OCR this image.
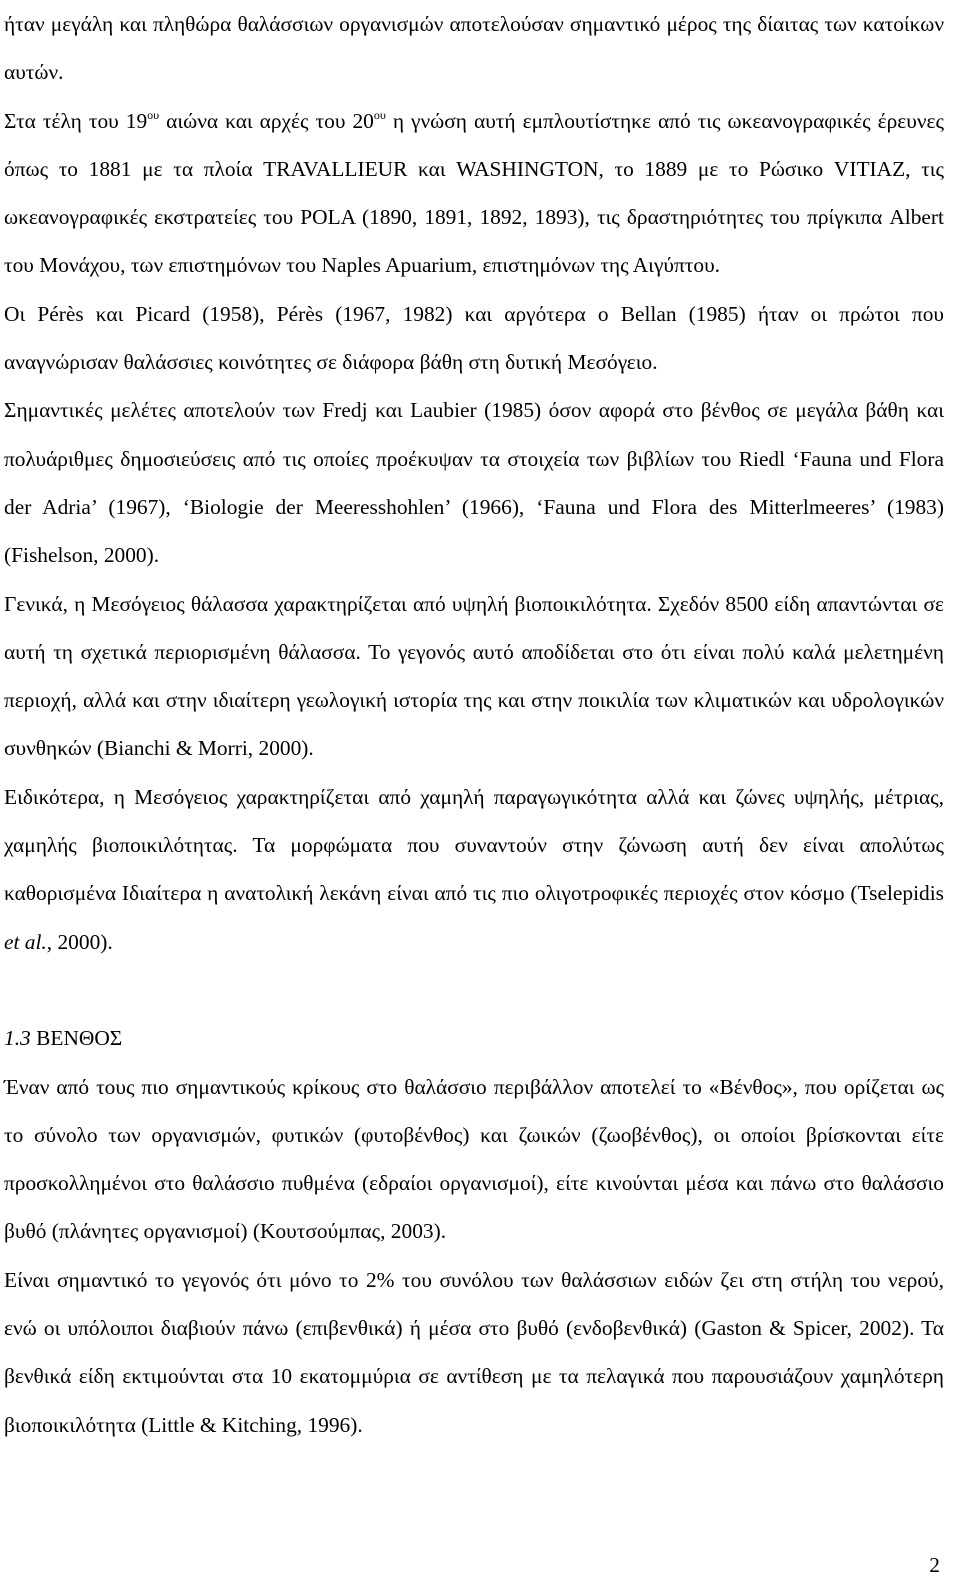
ήταν μεγάλη και πληθώρα θαλάσσιων οργανισμών αποτελούσαν σημαντικό μέρος της δίαιτας των κατοίκων αυτών.

Στα τέλη του $19^{o\upsilon}$ αιώνα και αρχές του $20^{o\upsilon}$ η γνώση αυτή εμπλουτίστηκε από τις ωκεανογραφικές έρευνες όπως το 1881 με τα πλοία TRAVALLIEUR και WASHINGTON, το 1889 με το Ρώσικο VITIAZ, τις ωκεανογραφικές εκστρατείες του POLA (1890, 1891, 1892, 1893), τις δραστηριότητες του πρίγκιπα Albert του Μονάχου, των επιστημόνων του Naples Apuarium, επιστημόνων της Αιγύπτου.

Οι Pérès και Picard (1958), Pérès (1967, 1982) και αργότερα ο Bellan (1985) ήταν οι πρώτοι που αναγνώρισαν θαλάσσιες κοινότητες σε διάφορα βάθη στη δυτική Μεσόγειο.

Σημαντικές μελέτες αποτελούν των Fredj και Laubier (1985) όσον αφορά στο βένθος σε μεγάλα βάθη και πολυάριθμες δημοσιεύσεις από τις οποίες προέκυψαν τα στοιχεία των βιβλίων του Riedl ‘Fauna und Flora der Adria’ (1967), ‘Biologie der Meeresshohlen’ (1966), ‘Fauna und Flora des Mitterlmeeres’ (1983) (Fishelson, 2000).

Γενικά, η Μεσόγειος θάλασσα χαρακτηρίζεται από υψηλή βιοποικιλότητα. Σχεδόν 8500 είδη απαντώνται σε αυτή τη σχετικά περιορισμένη θάλασσα. Το γεγονός αυτό αποδίδεται στο ότι είναι πολύ καλά μελετημένη περιοχή, αλλά και στην ιδιαίτερη γεωλογική ιστορία της και στην ποικιλία των κλιματικών και υδρολογικών συνθηκών (Bianchi & Morri, 2000).

Ειδικότερα, η Μεσόγειος χαρακτηρίζεται από χαμηλή παραγωγικότητα αλλά και ζώνες υψηλής, μέτριας, χαμηλής βιοποικιλότητας. Τα μορφώματα που συναντούν στην ζώνωση αυτή δεν είναι απολύτως καθορισμένα Ιδιαίτερα η ανατολική λεκάνη είναι από τις πιο ολιγοτροφικές περιοχές στον κόσμο (Tselepidis et al., 2000).

1.3 ΒΕΝΘΟΣ

Έναν από τους πιο σημαντικούς κρίκους στο θαλάσσιο περιβάλλον αποτελεί το «Βένθος», που ορίζεται ως το σύνολο των οργανισμών, φυτικών (φυτοβένθος) και ζωικών (ζωοβένθος), οι οποίοι βρίσκονται είτε προσκολλημένοι στο θαλάσσιο πυθμένα (εδραίοι οργανισμοί), είτε κινούνται μέσα και πάνω στο θαλάσσιο βυθό (πλάνητες οργανισμοί) (Κουτσούμπας, 2003).

Είναι σημαντικό το γεγονός ότι μόνο το 2% του συνόλου των θαλάσσιων ειδών ζει στη στήλη του νερού, ενώ οι υπόλοιποι διαβιούν πάνω (επιβενθικά) ή μέσα στο βυθό (ενδοβενθικά) (Gaston & Spicer, 2002). Τα βενθικά είδη εκτιμούνται στα 10 εκατομμύρια σε αντίθεση με τα πελαγικά που παρουσιάζουν χαμηλότερη βιοποικιλότητα (Little & Kitching, 1996).

2
